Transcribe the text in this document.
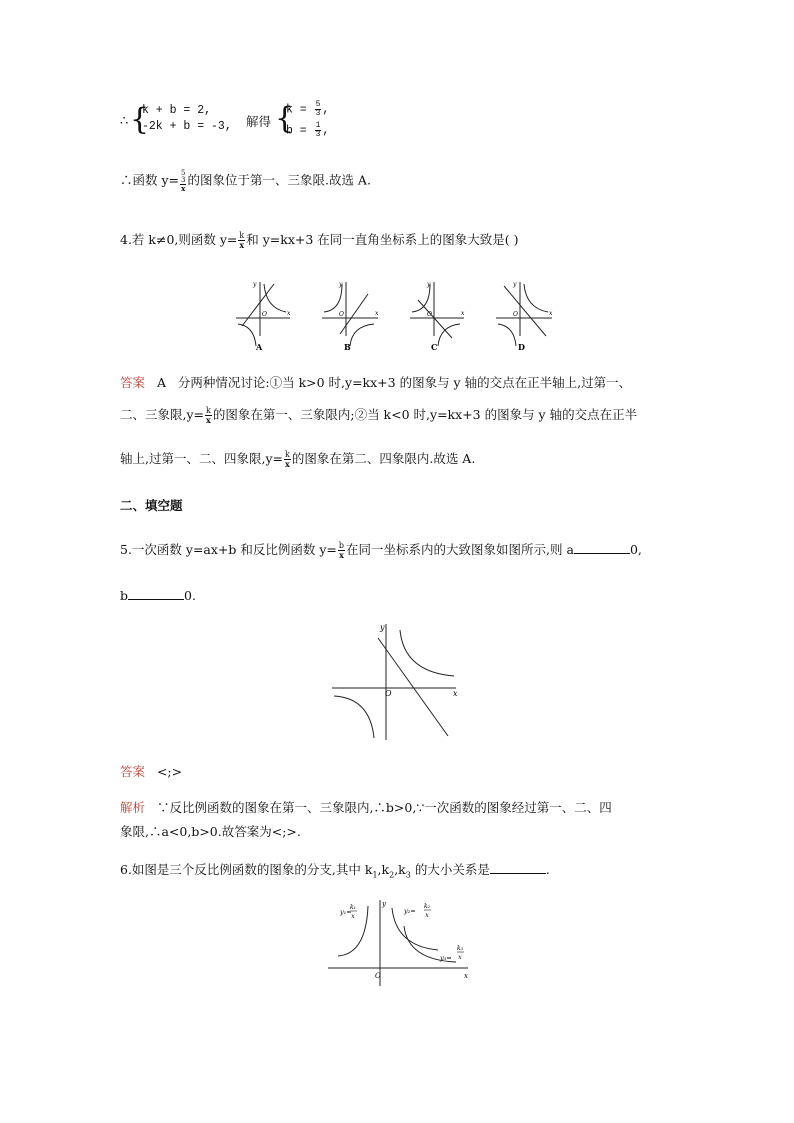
∴ {
k + b = 2,
-2k + b = -3, 解得 {
$k = \frac{5}{3}$ ,
$b = \frac{1}{3}$ ,
∴函数 y= 5
3
x
的图象位于第一、三象限.故选 A.
4.若 k≠0,则函数 $y= \frac{k}{x}$ 和 y=kx+3 在同一直角坐标系上的图象大致是( )
A
O	x
y
B
O	x
y
C
O	x
y
D
O	x
y
答案 A 分两种情况讨论:①当 k>0 时,y=kx+3 的图象与 y 轴的交点在正半轴上,过第一、
二、三象限$,y= \frac{k}{x}$ 的图象在第一、三象限内;②当 k<0 时,y=kx+3 的图象与 y 轴的交点在正半
轴上,过第一、二、四象限$,y= \frac{k}{x}$ 的图象在第二、四象限内.故选 A.
二、填空题
5.一次函数 y=ax+b 和反比例函数 $y= \frac{b}{x}$ 在同一坐标系内的大致图象如图所示,则 a	0,
b	0.
y
x
O
答案 <;>
解析 ∵反比例函数的图象在第一、三象限内,∴b>0,∵一次函数的图象经过第一、二、四
象限,∴a<0,b>0.故答案为<;>.
6.如图是三个反比例函数的图象的分支,其中 $k_1,k_2,k_3$ 的大小关系是	.
y₁=
k₁
x
y₂=
k₂
x
y₃=
k₃
x
y
x
O
